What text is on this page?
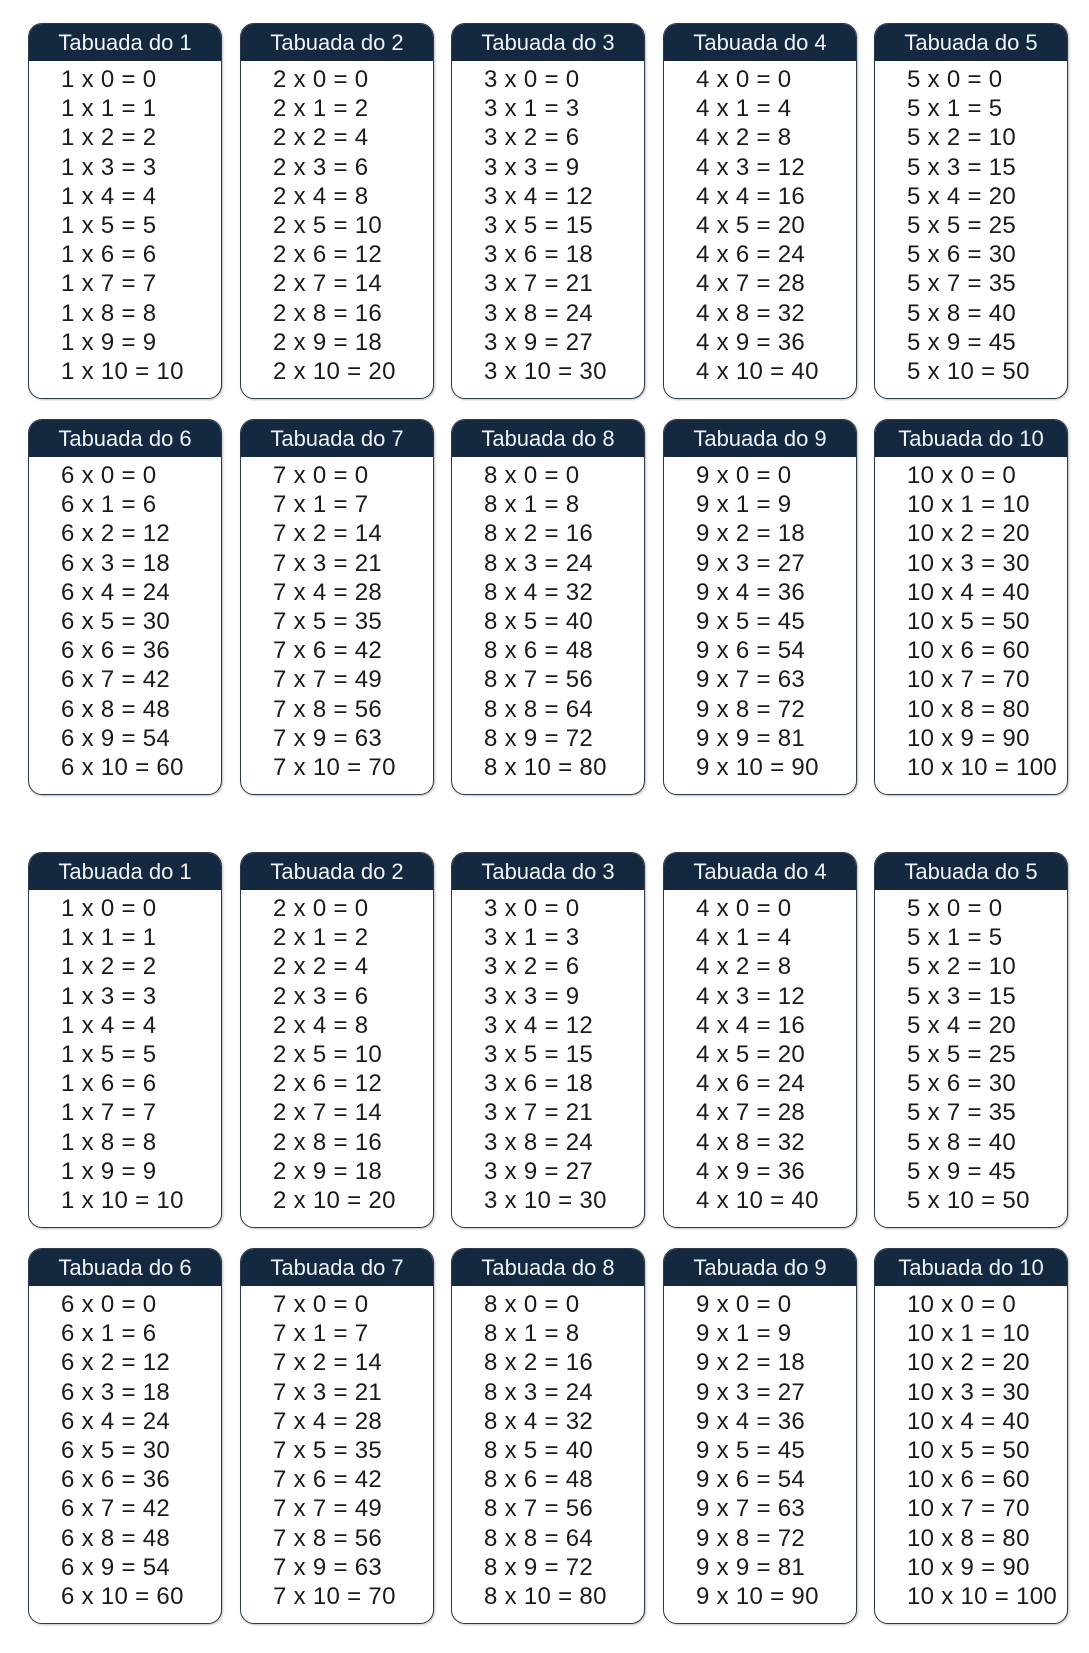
Tabuada do 1
1 x 0 = 0
1 x 1 = 1
1 x 2 = 2
1 x 3 = 3
1 x 4 = 4
1 x 5 = 5
1 x 6 = 6
1 x 7 = 7
1 x 8 = 8
1 x 9 = 9
1 x 10 = 10
Tabuada do 2
2 x 0 = 0
2 x 1 = 2
2 x 2 = 4
2 x 3 = 6
2 x 4 = 8
2 x 5 = 10
2 x 6 = 12
2 x 7 = 14
2 x 8 = 16
2 x 9 = 18
2 x 10 = 20
Tabuada do 3
3 x 0 = 0
3 x 1 = 3
3 x 2 = 6
3 x 3 = 9
3 x 4 = 12
3 x 5 = 15
3 x 6 = 18
3 x 7 = 21
3 x 8 = 24
3 x 9 = 27
3 x 10 = 30
Tabuada do 4
4 x 0 = 0
4 x 1 = 4
4 x 2 = 8
4 x 3 = 12
4 x 4 = 16
4 x 5 = 20
4 x 6 = 24
4 x 7 = 28
4 x 8 = 32
4 x 9 = 36
4 x 10 = 40
Tabuada do 5
5 x 0 = 0
5 x 1 = 5
5 x 2 = 10
5 x 3 = 15
5 x 4 = 20
5 x 5 = 25
5 x 6 = 30
5 x 7 = 35
5 x 8 = 40
5 x 9 = 45
5 x 10 = 50
Tabuada do 6
6 x 0 = 0
6 x 1 = 6
6 x 2 = 12
6 x 3 = 18
6 x 4 = 24
6 x 5 = 30
6 x 6 = 36
6 x 7 = 42
6 x 8 = 48
6 x 9 = 54
6 x 10 = 60
Tabuada do 7
7 x 0 = 0
7 x 1 = 7
7 x 2 = 14
7 x 3 = 21
7 x 4 = 28
7 x 5 = 35
7 x 6 = 42
7 x 7 = 49
7 x 8 = 56
7 x 9 = 63
7 x 10 = 70
Tabuada do 8
8 x 0 = 0
8 x 1 = 8
8 x 2 = 16
8 x 3 = 24
8 x 4 = 32
8 x 5 = 40
8 x 6 = 48
8 x 7 = 56
8 x 8 = 64
8 x 9 = 72
8 x 10 = 80
Tabuada do 9
9 x 0 = 0
9 x 1 = 9
9 x 2 = 18
9 x 3 = 27
9 x 4 = 36
9 x 5 = 45
9 x 6 = 54
9 x 7 = 63
9 x 8 = 72
9 x 9 = 81
9 x 10 = 90
Tabuada do 10
10 x 0 = 0
10 x 1 = 10
10 x 2 = 20
10 x 3 = 30
10 x 4 = 40
10 x 5 = 50
10 x 6 = 60
10 x 7 = 70
10 x 8 = 80
10 x 9 = 90
10 x 10 = 100
Tabuada do 1
1 x 0 = 0
1 x 1 = 1
1 x 2 = 2
1 x 3 = 3
1 x 4 = 4
1 x 5 = 5
1 x 6 = 6
1 x 7 = 7
1 x 8 = 8
1 x 9 = 9
1 x 10 = 10
Tabuada do 2
2 x 0 = 0
2 x 1 = 2
2 x 2 = 4
2 x 3 = 6
2 x 4 = 8
2 x 5 = 10
2 x 6 = 12
2 x 7 = 14
2 x 8 = 16
2 x 9 = 18
2 x 10 = 20
Tabuada do 3
3 x 0 = 0
3 x 1 = 3
3 x 2 = 6
3 x 3 = 9
3 x 4 = 12
3 x 5 = 15
3 x 6 = 18
3 x 7 = 21
3 x 8 = 24
3 x 9 = 27
3 x 10 = 30
Tabuada do 4
4 x 0 = 0
4 x 1 = 4
4 x 2 = 8
4 x 3 = 12
4 x 4 = 16
4 x 5 = 20
4 x 6 = 24
4 x 7 = 28
4 x 8 = 32
4 x 9 = 36
4 x 10 = 40
Tabuada do 5
5 x 0 = 0
5 x 1 = 5
5 x 2 = 10
5 x 3 = 15
5 x 4 = 20
5 x 5 = 25
5 x 6 = 30
5 x 7 = 35
5 x 8 = 40
5 x 9 = 45
5 x 10 = 50
Tabuada do 6
6 x 0 = 0
6 x 1 = 6
6 x 2 = 12
6 x 3 = 18
6 x 4 = 24
6 x 5 = 30
6 x 6 = 36
6 x 7 = 42
6 x 8 = 48
6 x 9 = 54
6 x 10 = 60
Tabuada do 7
7 x 0 = 0
7 x 1 = 7
7 x 2 = 14
7 x 3 = 21
7 x 4 = 28
7 x 5 = 35
7 x 6 = 42
7 x 7 = 49
7 x 8 = 56
7 x 9 = 63
7 x 10 = 70
Tabuada do 8
8 x 0 = 0
8 x 1 = 8
8 x 2 = 16
8 x 3 = 24
8 x 4 = 32
8 x 5 = 40
8 x 6 = 48
8 x 7 = 56
8 x 8 = 64
8 x 9 = 72
8 x 10 = 80
Tabuada do 9
9 x 0 = 0
9 x 1 = 9
9 x 2 = 18
9 x 3 = 27
9 x 4 = 36
9 x 5 = 45
9 x 6 = 54
9 x 7 = 63
9 x 8 = 72
9 x 9 = 81
9 x 10 = 90
Tabuada do 10
10 x 0 = 0
10 x 1 = 10
10 x 2 = 20
10 x 3 = 30
10 x 4 = 40
10 x 5 = 50
10 x 6 = 60
10 x 7 = 70
10 x 8 = 80
10 x 9 = 90
10 x 10 = 100
